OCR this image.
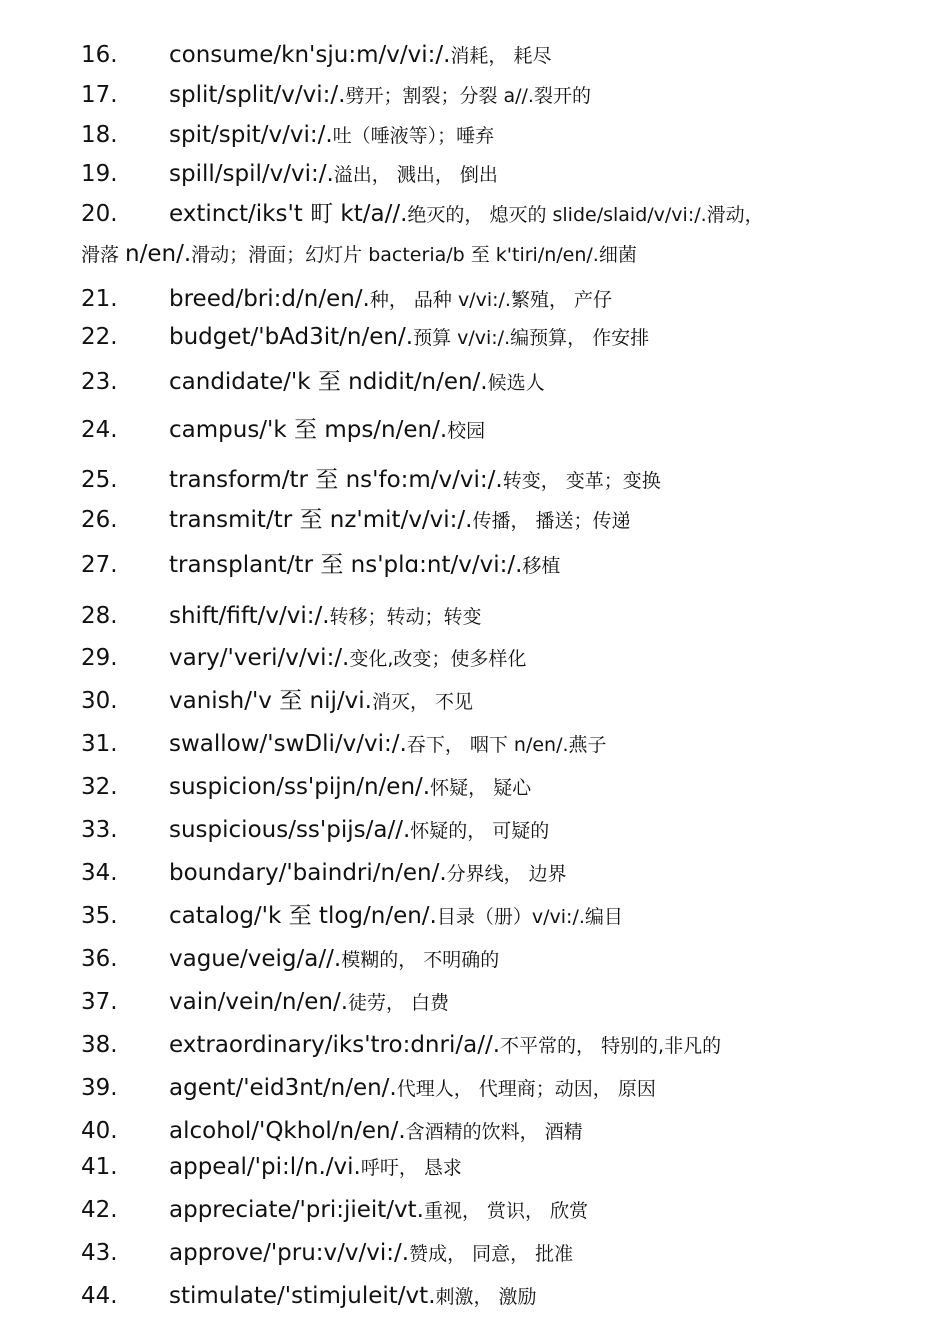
16. consume/kn'sju:m/v/vi:/.消耗， 耗尽
17. split/split/v/vi:/.劈开；割裂；分裂 a//.裂开的
18. spit/spit/v/vi:/.吐（唾液等）；唾弃
19. spill/spil/v/vi:/.溢出， 溅出， 倒出
20. extinct/iks't 町 kt/a//.绝灭的， 熄灭的 slide/slaid/v/vi:/.滑动，
滑落 n/en/.滑动；滑面；幻灯片 bacteria/b 至 k'tiri/n/en/.细菌
21. breed/bri:d/n/en/.种， 品种 v/vi:/.繁殖， 产仔
22. budget/'bAd3it/n/en/.预算 v/vi:/.编预算， 作安排
23. candidate/'k 至 ndidit/n/en/.候选人
24. campus/'k 至 mps/n/en/.校园
25. transform/tr 至 ns'fo:m/v/vi:/.转变， 变革；变换
26. transmit/tr 至 nz'mit/v/vi:/.传播， 播送；传递
27. transplant/tr 至 ns'plɑ:nt/v/vi:/.移植
28. shift/fift/v/vi:/.转移；转动；转变
29. vary/'veri/v/vi:/.变化,改变；使多样化
30. vanish/'v 至 nij/vi.消灭， 不见
31. swallow/'swDli/v/vi:/.吞下， 咽下 n/en/.燕子
32. suspicion/ss'pijn/n/en/.怀疑， 疑心
33. suspicious/ss'pijs/a//.怀疑的， 可疑的
34. boundary/'baindri/n/en/.分界线， 边界
35. catalog/'k 至 tlog/n/en/.目录（册）v/vi:/.编目
36. vague/veig/a//.模糊的， 不明确的
37. vain/vein/n/en/.徒劳， 白费
38. extraordinary/iks'tro:dnri/a//.不平常的， 特别的,非凡的
39. agent/'eid3nt/n/en/.代理人， 代理商；动因， 原因
40. alcohol/'Qkhol/n/en/.含酒精的饮料， 酒精
41. appeal/'pi:l/n./vi.呼吁， 恳求
42. appreciate/'pri:jieit/vt.重视， 赏识， 欣赏
43. approve/'pru:v/v/vi:/.赞成， 同意， 批准
44. stimulate/'stimjuleit/vt.刺激， 激励
